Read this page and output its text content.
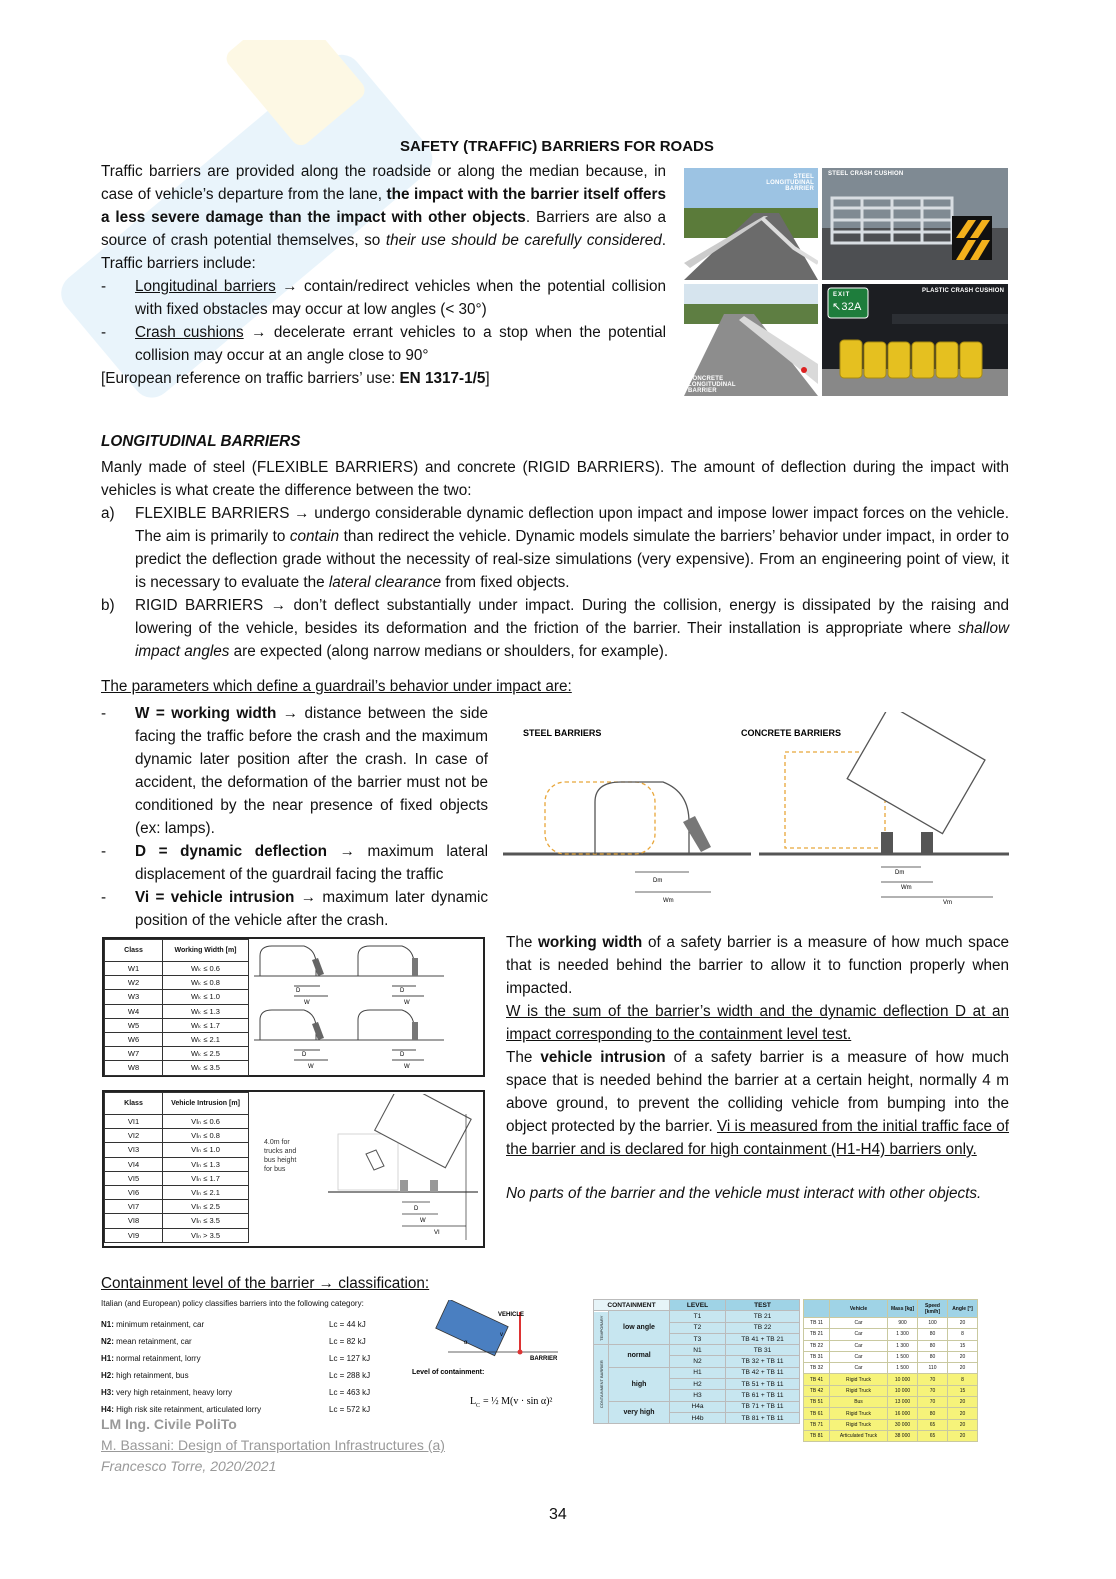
SAFETY (TRAFFIC) BARRIERS FOR ROADS
Traffic barriers are provided along the roadside or along the median because, in case of vehicle’s departure from the lane, the impact with the barrier itself offers a less severe damage than the impact with other objects. Barriers are also a source of crash potential themselves, so their use should be carefully considered. Traffic barriers include:
- Longitudinal barriers → contain/redirect vehicles when the potential collision with fixed obstacles may occur at low angles (< 30°)
- Crash cushions → decelerate errant vehicles to a stop when the potential collision may occur at an angle close to 90°
[European reference on traffic barriers’ use: EN 1317-1/5]
STEEL LONGITUDINAL BARRIER
STEEL CRASH CUSHION
CONCRETE LONGITUDINAL BARRIER
EXIT
↖32A
PLASTIC CRASH CUSHION
LONGITUDINAL BARRIERS
Manly made of steel (FLEXIBLE BARRIERS) and concrete (RIGID BARRIERS). The amount of deflection during the impact with vehicles is what create the difference between the two:
a) FLEXIBLE BARRIERS → undergo considerable dynamic deflection upon impact and impose lower impact forces on the vehicle. The aim is primarily to contain than redirect the vehicle. Dynamic models simulate the barriers’ behavior under impact, in order to predict the deflection grade without the necessity of real-size simulations (very expensive). From an engineering point of view, it is necessary to evaluate the lateral clearance from fixed objects.
b) RIGID BARRIERS → don’t deflect substantially under impact. During the collision, energy is dissipated by the raising and lowering of the vehicle, besides its deformation and the friction of the barrier. Their installation is appropriate where shallow impact angles are expected (along narrow medians or shoulders, for example).
The parameters which define a guardrail’s behavior under impact are:
- W = working width → distance between the side facing the traffic before the crash and the maximum dynamic later position after the crash. In case of accident, the deformation of the barrier must not be conditioned by the near presence of fixed objects (ex: lamps).
- D = dynamic deflection → maximum lateral displacement of the guardrail facing the traffic
- Vi = vehicle intrusion → maximum later dynamic position of the vehicle after the crash.
STEEL BARRIERS	CONCRETE BARRIERS
Dm
Wm
Dm
Wm
Vm
Class	Working Width [m]
W1	Wₖ ≤ 0.6
W2	Wₖ ≤ 0.8
W3	Wₖ ≤ 1.0
W4	Wₖ ≤ 1.3
W5	Wₖ ≤ 1.7
W6	Wₖ ≤ 2.1
W7	Wₖ ≤ 2.5
W8	Wₖ ≤ 3.5
D
W
D
W
D
W
D
W
Klass	Vehicle Intrusion [m]
VI1	VIₙ ≤ 0.6
VI2	VIₙ ≤ 0.8
VI3	VIₙ ≤ 1.0
VI4	VIₙ ≤ 1.3
VI5	VIₙ ≤ 1.7
VI6	VIₙ ≤ 2.1
VI7	VIₙ ≤ 2.5
VI8	VIₙ ≤ 3.5
VI9	VIₙ > 3.5
4.0m for
trucks and
bus height
for bus
D
W
VI
The working width of a safety barrier is a measure of how much space that is needed behind the barrier to allow it to function properly when impacted.
W is the sum of the barrier’s width and the dynamic deflection D at an impact corresponding to the containment level test.
The vehicle intrusion of a safety barrier is a measure of how much space that is needed behind the barrier at a certain height, normally 4 m above ground, to prevent the colliding vehicle from bumping into the object protected by the barrier. Vi is measured from the initial traffic face of the barrier and is declared for high containment (H1-H4) barriers only.
No parts of the barrier and the vehicle must interact with other objects.
Containment level of the barrier → classification:
Italian (and European) policy classifies barriers into the following category:
N1: minimum retainment, car	Lc = 44 kJ
N2: mean retainment, car	Lc = 82 kJ
H1: normal retainment, lorry	Lc = 127 kJ
H2: high retainment, bus	Lc = 288 kJ
H3: very high retainment, heavy lorry	Lc = 463 kJ
H4: High risk site retainment, articulated lorry	Lc = 572 kJ
VEHICLE
BARRIER
α
v
Level of containment:
L C = ½ M(v · sin α)²
CONTAINMENT		LEVEL	TEST
TEMPORARY	low angle	T1	TB 21
		T2	TB 22
		T3	TB 41 + TB 21
CONTAINMENT BARRIER	normal	N1	TB 31
		N2	TB 32 + TB 11
	high	H1	TB 42 + TB 11
		H2	TB 51 + TB 11
		H3	TB 61 + TB 11
	very high	H4a	TB 71 + TB 11
		H4b	TB 81 + TB 11
	Vehicle	Mass [kg]	Speed [km/h]	Angle [°]
TB 11	Car	900	100	20
TB 21	Car	1 300	80	8
TB 22	Car	1 300	80	15
TB 31	Car	1 500	80	20
TB 32	Car	1 500	110	20
TB 41	Rigid Truck	10 000	70	8
TB 42	Rigid Truck	10 000	70	15
TB 51	Bus	13 000	70	20
TB 61	Rigid Truck	16 000	80	20
TB 71	Rigid Truck	30 000	65	20
TB 81	Articulated Truck	38 000	65	20
LM Ing. Civile PoliTo
M. Bassani: Design of Transportation Infrastructures (a)
Francesco Torre, 2020/2021
34
